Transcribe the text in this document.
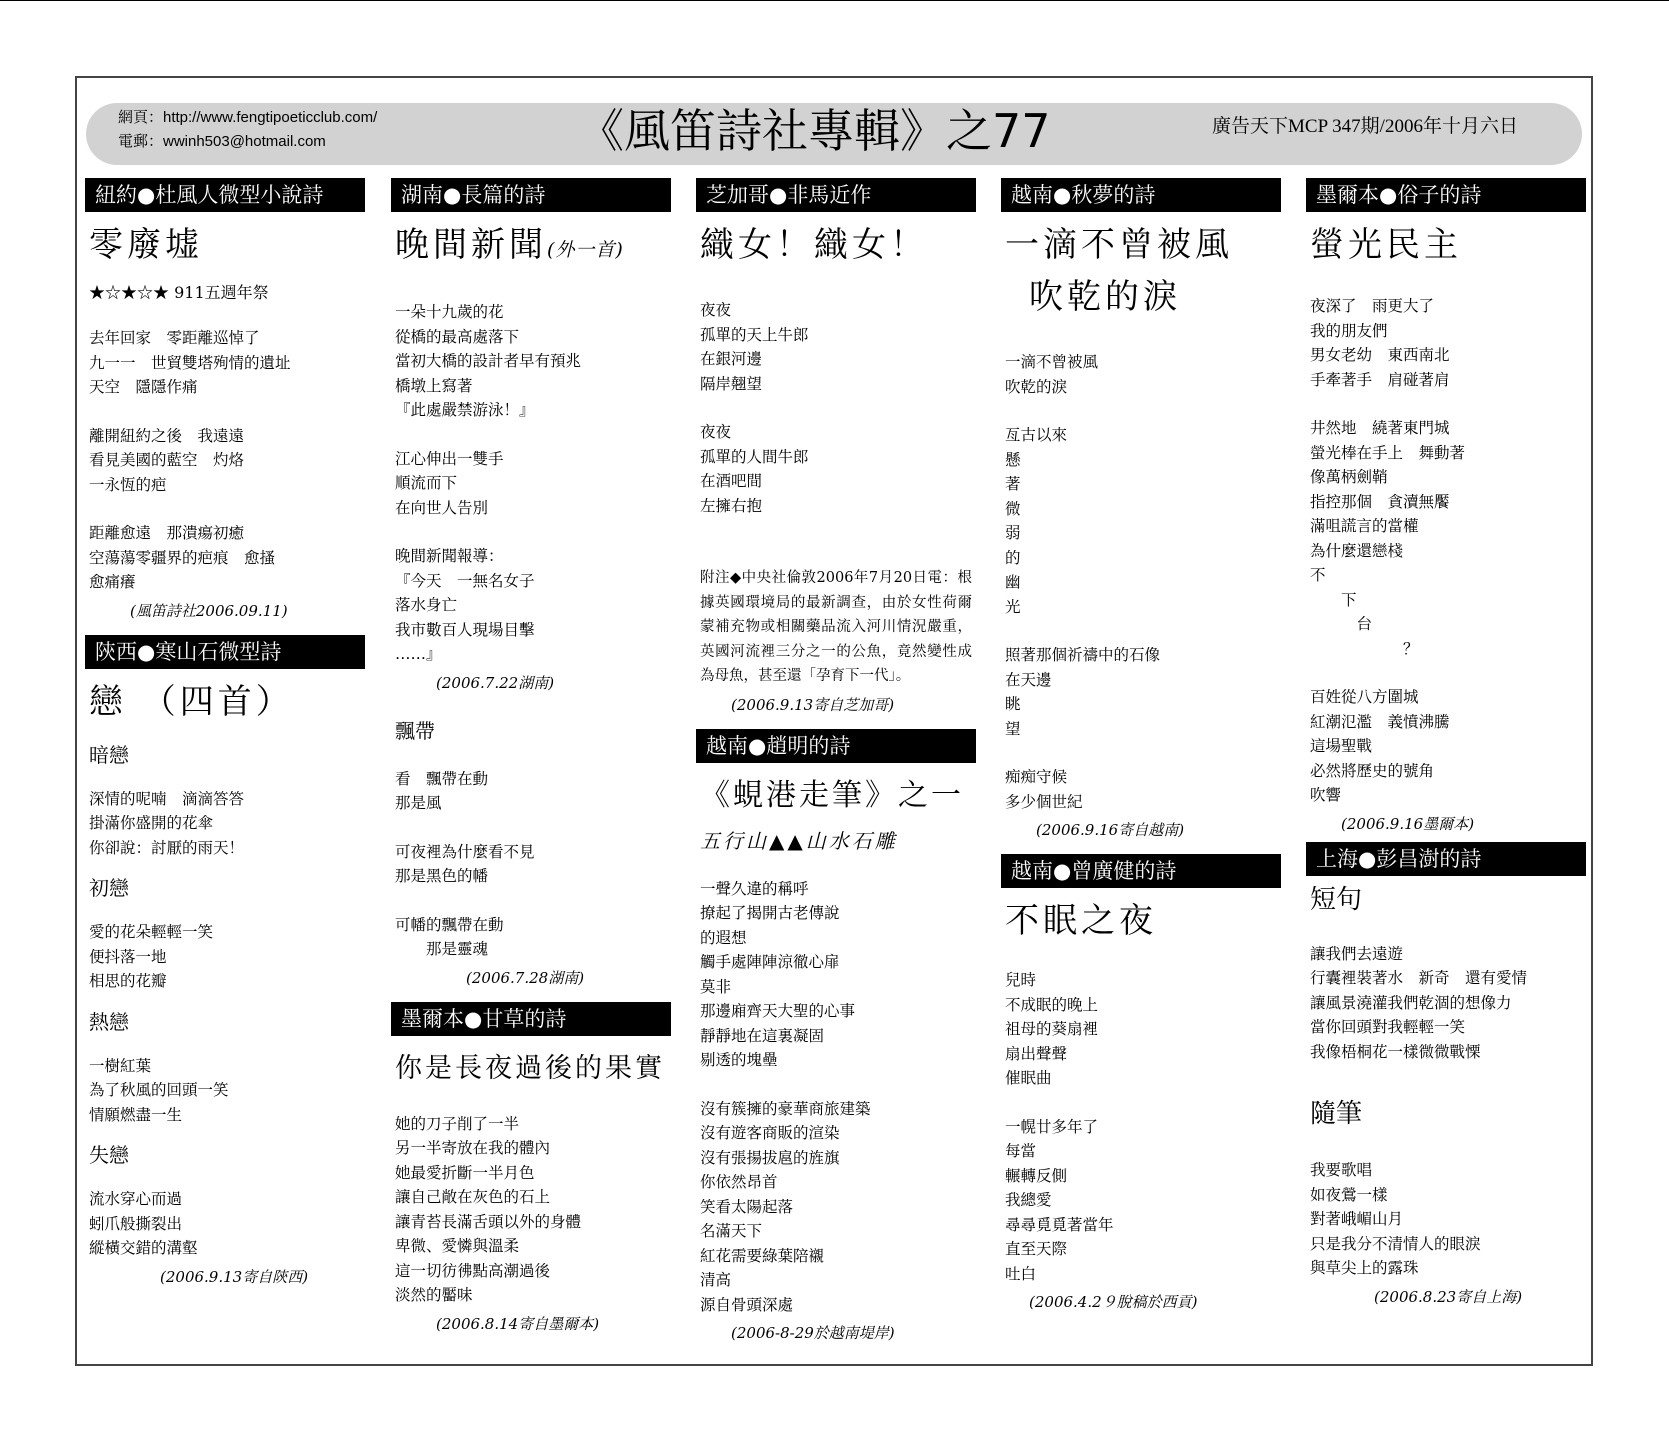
網頁：http://www.fengtipoeticclub.com/
電郵：wwinh503@hotmail.com	《風笛詩社專輯》之77	廣告天下MCP 347期/2006年十月六日
紐約●杜風人微型小說詩
零廢墟
★☆★☆★ 911五週年祭
去年回家　零距離巡悼了
九一一　世貿雙塔殉情的遺址
天空　隱隱作痛
離開紐約之後　我遠遠
看見美國的藍空　灼烙
一永恆的疤
距離愈遠　那潰瘍初癒
空蕩蕩零疆界的疤痕　愈搔
愈痛癢
(風笛詩社2006.09.11)
陝西●寒山石微型詩
戀 （四首）
暗戀
深情的呢喃　滴滴答答
掛滿你盛開的花傘
你卻說：討厭的雨天！
初戀
愛的花朵輕輕一笑
便抖落一地
相思的花瓣
熱戀
一樹紅葉
為了秋風的回頭一笑
情願燃盡一生
失戀
流水穿心而過
蚓爪般撕裂出
縱橫交錯的溝壑
(2006.9.13寄自陝西)
湖南●長篇的詩
晚間新聞(外一首)
一朵十九歲的花
從橋的最高處落下
當初大橋的設計者早有預兆
橋墩上寫著
『此處嚴禁游泳！』
江心伸出一雙手
順流而下
在向世人告別
晚間新聞報導：
『今天　一無名女子
落水身亡
我市數百人現場目擊
……』
(2006.7.22湖南)
飄帶
看　飄帶在動
那是風
可夜裡為什麼看不見
那是黑色的幡
可幡的飄帶在動
　　那是靈魂
(2006.7.28湖南)
墨爾本●甘草的詩
你是長夜過後的果實
她的刀子削了一半
另一半寄放在我的體內
她最愛折斷一半月色
讓自己敞在灰色的石上
讓青苔長滿舌頭以外的身體
卑微、愛憐與溫柔
這一切彷彿點高潮過後
淡然的靨味
(2006.8.14寄自墨爾本)
芝加哥●非馬近作
織女！織女！
夜夜
孤單的天上牛郎
在銀河邊
隔岸翹望
夜夜
孤單的人間牛郎
在酒吧間
左擁右抱
附注◆中央社倫敦2006年7月20日電：根據英國環境局的最新調查，由於女性荷爾蒙補充物或相關藥品流入河川情況嚴重，英國河流裡三分之一的公魚，竟然變性成為母魚，甚至還「孕育下一代」。
(2006.9.13寄自芝加哥)
越南●趙明的詩
《蜆港走筆》之一
五行山▲▲山水石雕
一聲久違的稱呼
撩起了揭開古老傳說
的遐想
觸手處陣陣涼徹心扉
莫非
那邊廂齊天大聖的心事
靜靜地在這裏凝固
剔透的塊壘
沒有簇擁的豪華商旅建築
沒有遊客商販的渲染
沒有張揚拔扈的旌旗
你依然昂首
笑看太陽起落
名滿天下
紅花需要綠葉陪襯
清高
源自骨頭深處
(2006-8-29於越南堤岸)
越南●秋夢的詩
一滴不曾被風
吹乾的淚
一滴不曾被風
吹乾的淚
亙古以來
懸
著
微
弱
的
幽
光
照著那個祈禱中的石像
在天邊
眺
望
痴痴守候
多少個世紀
(2006.9.16寄自越南)
越南●曾廣健的詩
不眠之夜
兒時
不成眠的晚上
祖母的葵扇裡
扇出聲聲
催眠曲
一幌廿多年了
每當
輾轉反側
我總愛
尋尋覓覓著當年
直至天際
吐白
(2006.4.2９脫稿於西貢)
墨爾本●俗子的詩
螢光民主
夜深了　雨更大了
我的朋友們
男女老幼　東西南北
手牽著手　肩碰著肩
井然地　繞著東門城
螢光棒在手上　舞動著
像萬柄劍鞘
指控那個　貪瀆無饜
滿咀謊言的當權
為什麼還戀棧
不
　　下
　　　台
　　　　　　？
百姓從八方圍城
紅潮氾濫　義憤沸騰
這場聖戰
必然將歷史的號角
吹響
(2006.9.16墨爾本)
上海●彭昌澍的詩
短句
讓我們去遠遊
行囊裡裝著水　新奇　還有愛情
讓風景澆灌我們乾涸的想像力
當你回頭對我輕輕一笑
我像梧桐花一樣微微戰慄
隨筆
我要歌唱
如夜鶯一樣
對著峨嵋山月
只是我分不清情人的眼淚
與草尖上的露珠
(2006.8.23寄自上海)
